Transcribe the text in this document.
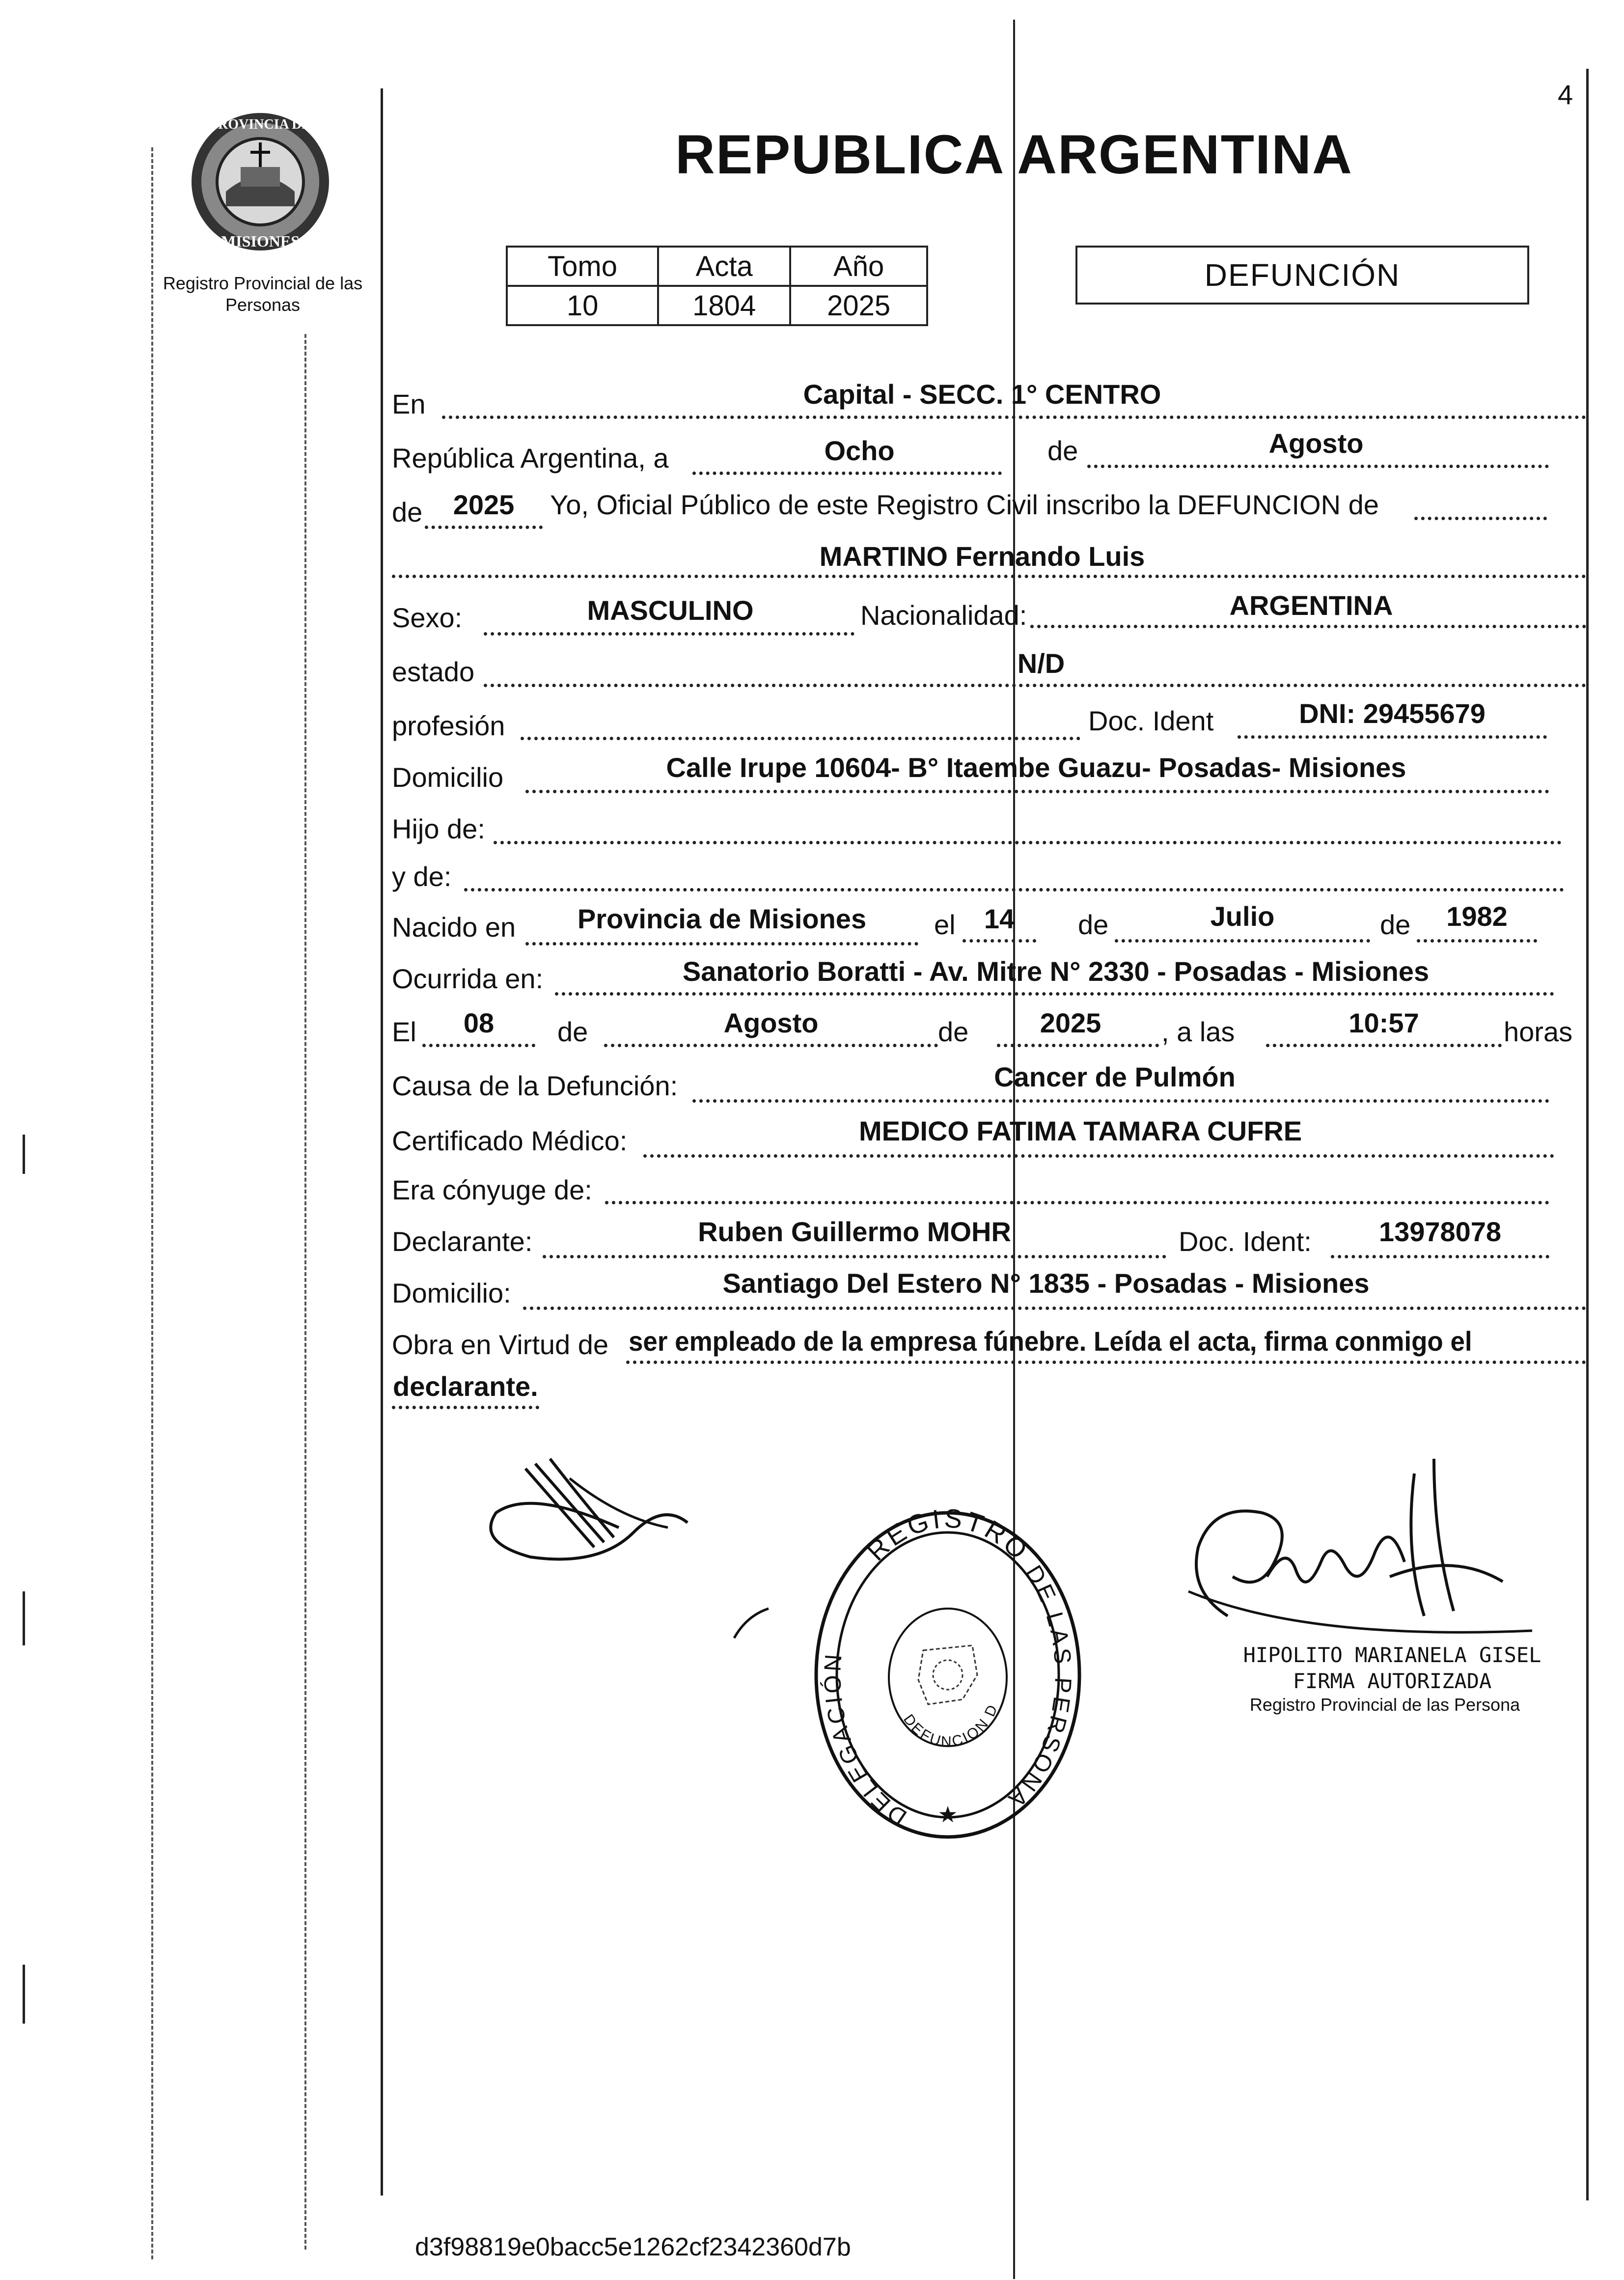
4
PROVINCIA DE
MISIONES
Registro Provincial de las Personas
REPUBLICA ARGENTINA
Tomo	Acta	Año
10	1804	2025
DEFUNCIÓN
En	Capital - SECC. 1° CENTRO
República Argentina, a	Ocho	de	Agosto
de	2025	Yo, Oficial Público de este Registro Civil inscribo la DEFUNCION de
MARTINO Fernando Luis
Sexo:	MASCULINO	Nacionalidad:	ARGENTINA
estado	N/D
profesión	Doc. Ident	DNI: 29455679
Domicilio	Calle Irupe 10604- B° Itaembe Guazu- Posadas- Misiones
Hijo de:
y de:
Nacido en	Provincia de Misiones	el	14	de	Julio	de	1982
Ocurrida en:	Sanatorio Boratti - Av. Mitre N° 2330 - Posadas - Misiones
El	08	de	Agosto	de	2025	, a las	10:57	horas
Causa de la Defunción:	Cancer de Pulmón
Certificado Médico:	MEDICO FATIMA TAMARA CUFRE
Era cónyuge de:
Declarante:	Ruben Guillermo MOHR	Doc. Ident:	13978078
Domicilio:	Santiago Del Estero N° 1835 - Posadas - Misiones
Obra en Virtud de ser empleado de la empresa fúnebre. Leída el acta, firma conmigo el
declarante.
REGISTRO
DELEGACIÓN
DE LAS PERSONA
DEFUNCION D
★
HIPOLITO MARIANELA GISEL
FIRMA AUTORIZADA
Registro Provincial de las Persona
d3f98819e0bacc5e1262cf2342360d7b
